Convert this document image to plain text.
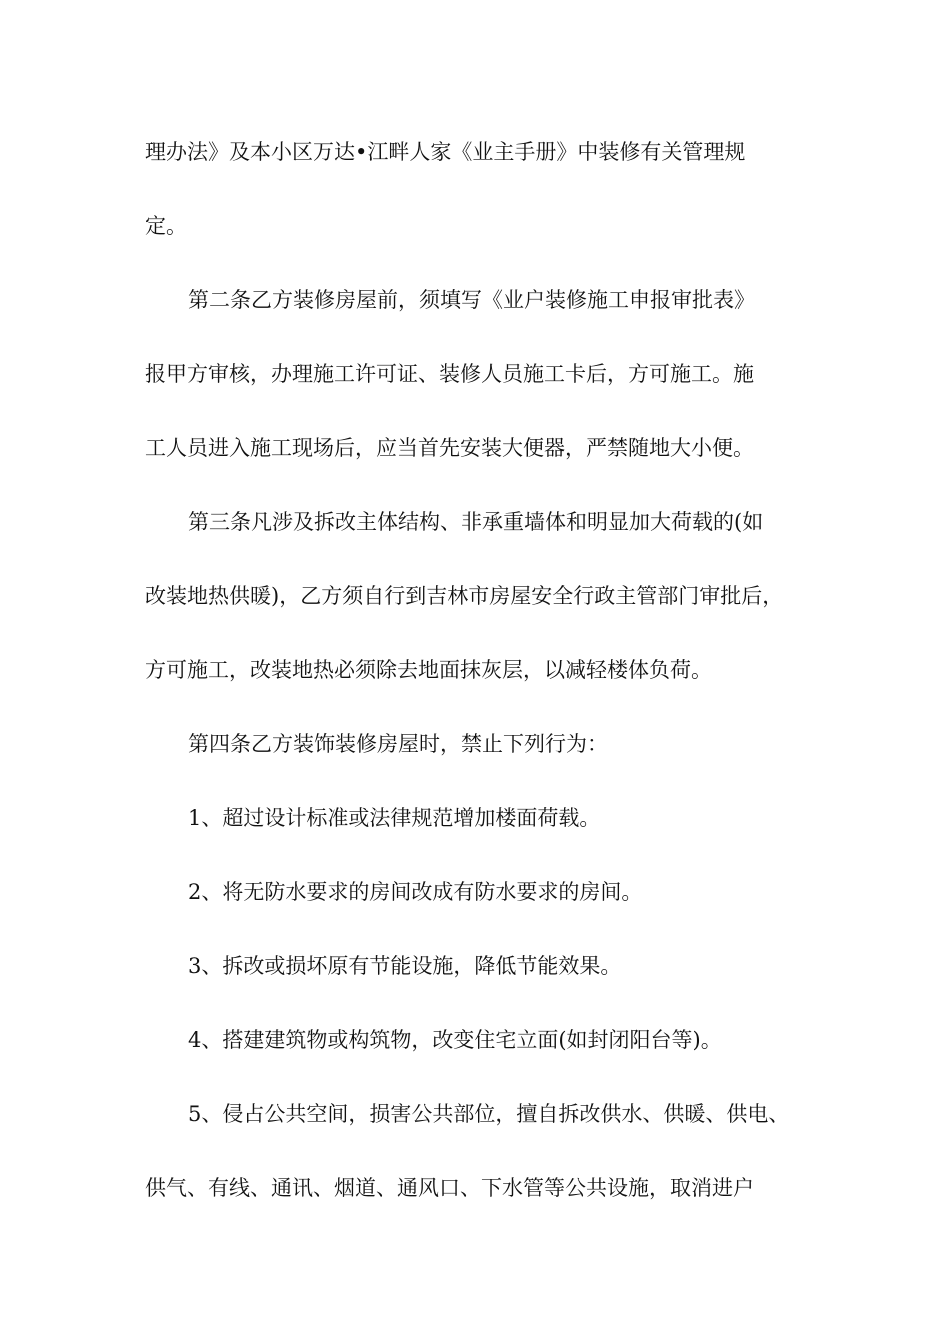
理办法》及本小区万达•江畔人家《业主手册》中装修有关管理规
定。
第二条乙方装修房屋前，须填写《业户装修施工申报审批表》
报甲方审核，办理施工许可证、装修人员施工卡后，方可施工。施
工人员进入施工现场后，应当首先安装大便器，严禁随地大小便。
第三条凡涉及拆改主体结构、非承重墙体和明显加大荷载的(如
改装地热供暖)，乙方须自行到吉林市房屋安全行政主管部门审批后，
方可施工，改装地热必须除去地面抹灰层，以减轻楼体负荷。
第四条乙方装饰装修房屋时，禁止下列行为：
1、超过设计标准或法律规范增加楼面荷载。
2、将无防水要求的房间改成有防水要求的房间。
3、拆改或损坏原有节能设施，降低节能效果。
4、搭建建筑物或构筑物，改变住宅立面(如封闭阳台等)。
5、侵占公共空间，损害公共部位，擅自拆改供水、供暖、供电、
供气、有线、通讯、烟道、通风口、下水管等公共设施，取消进户
